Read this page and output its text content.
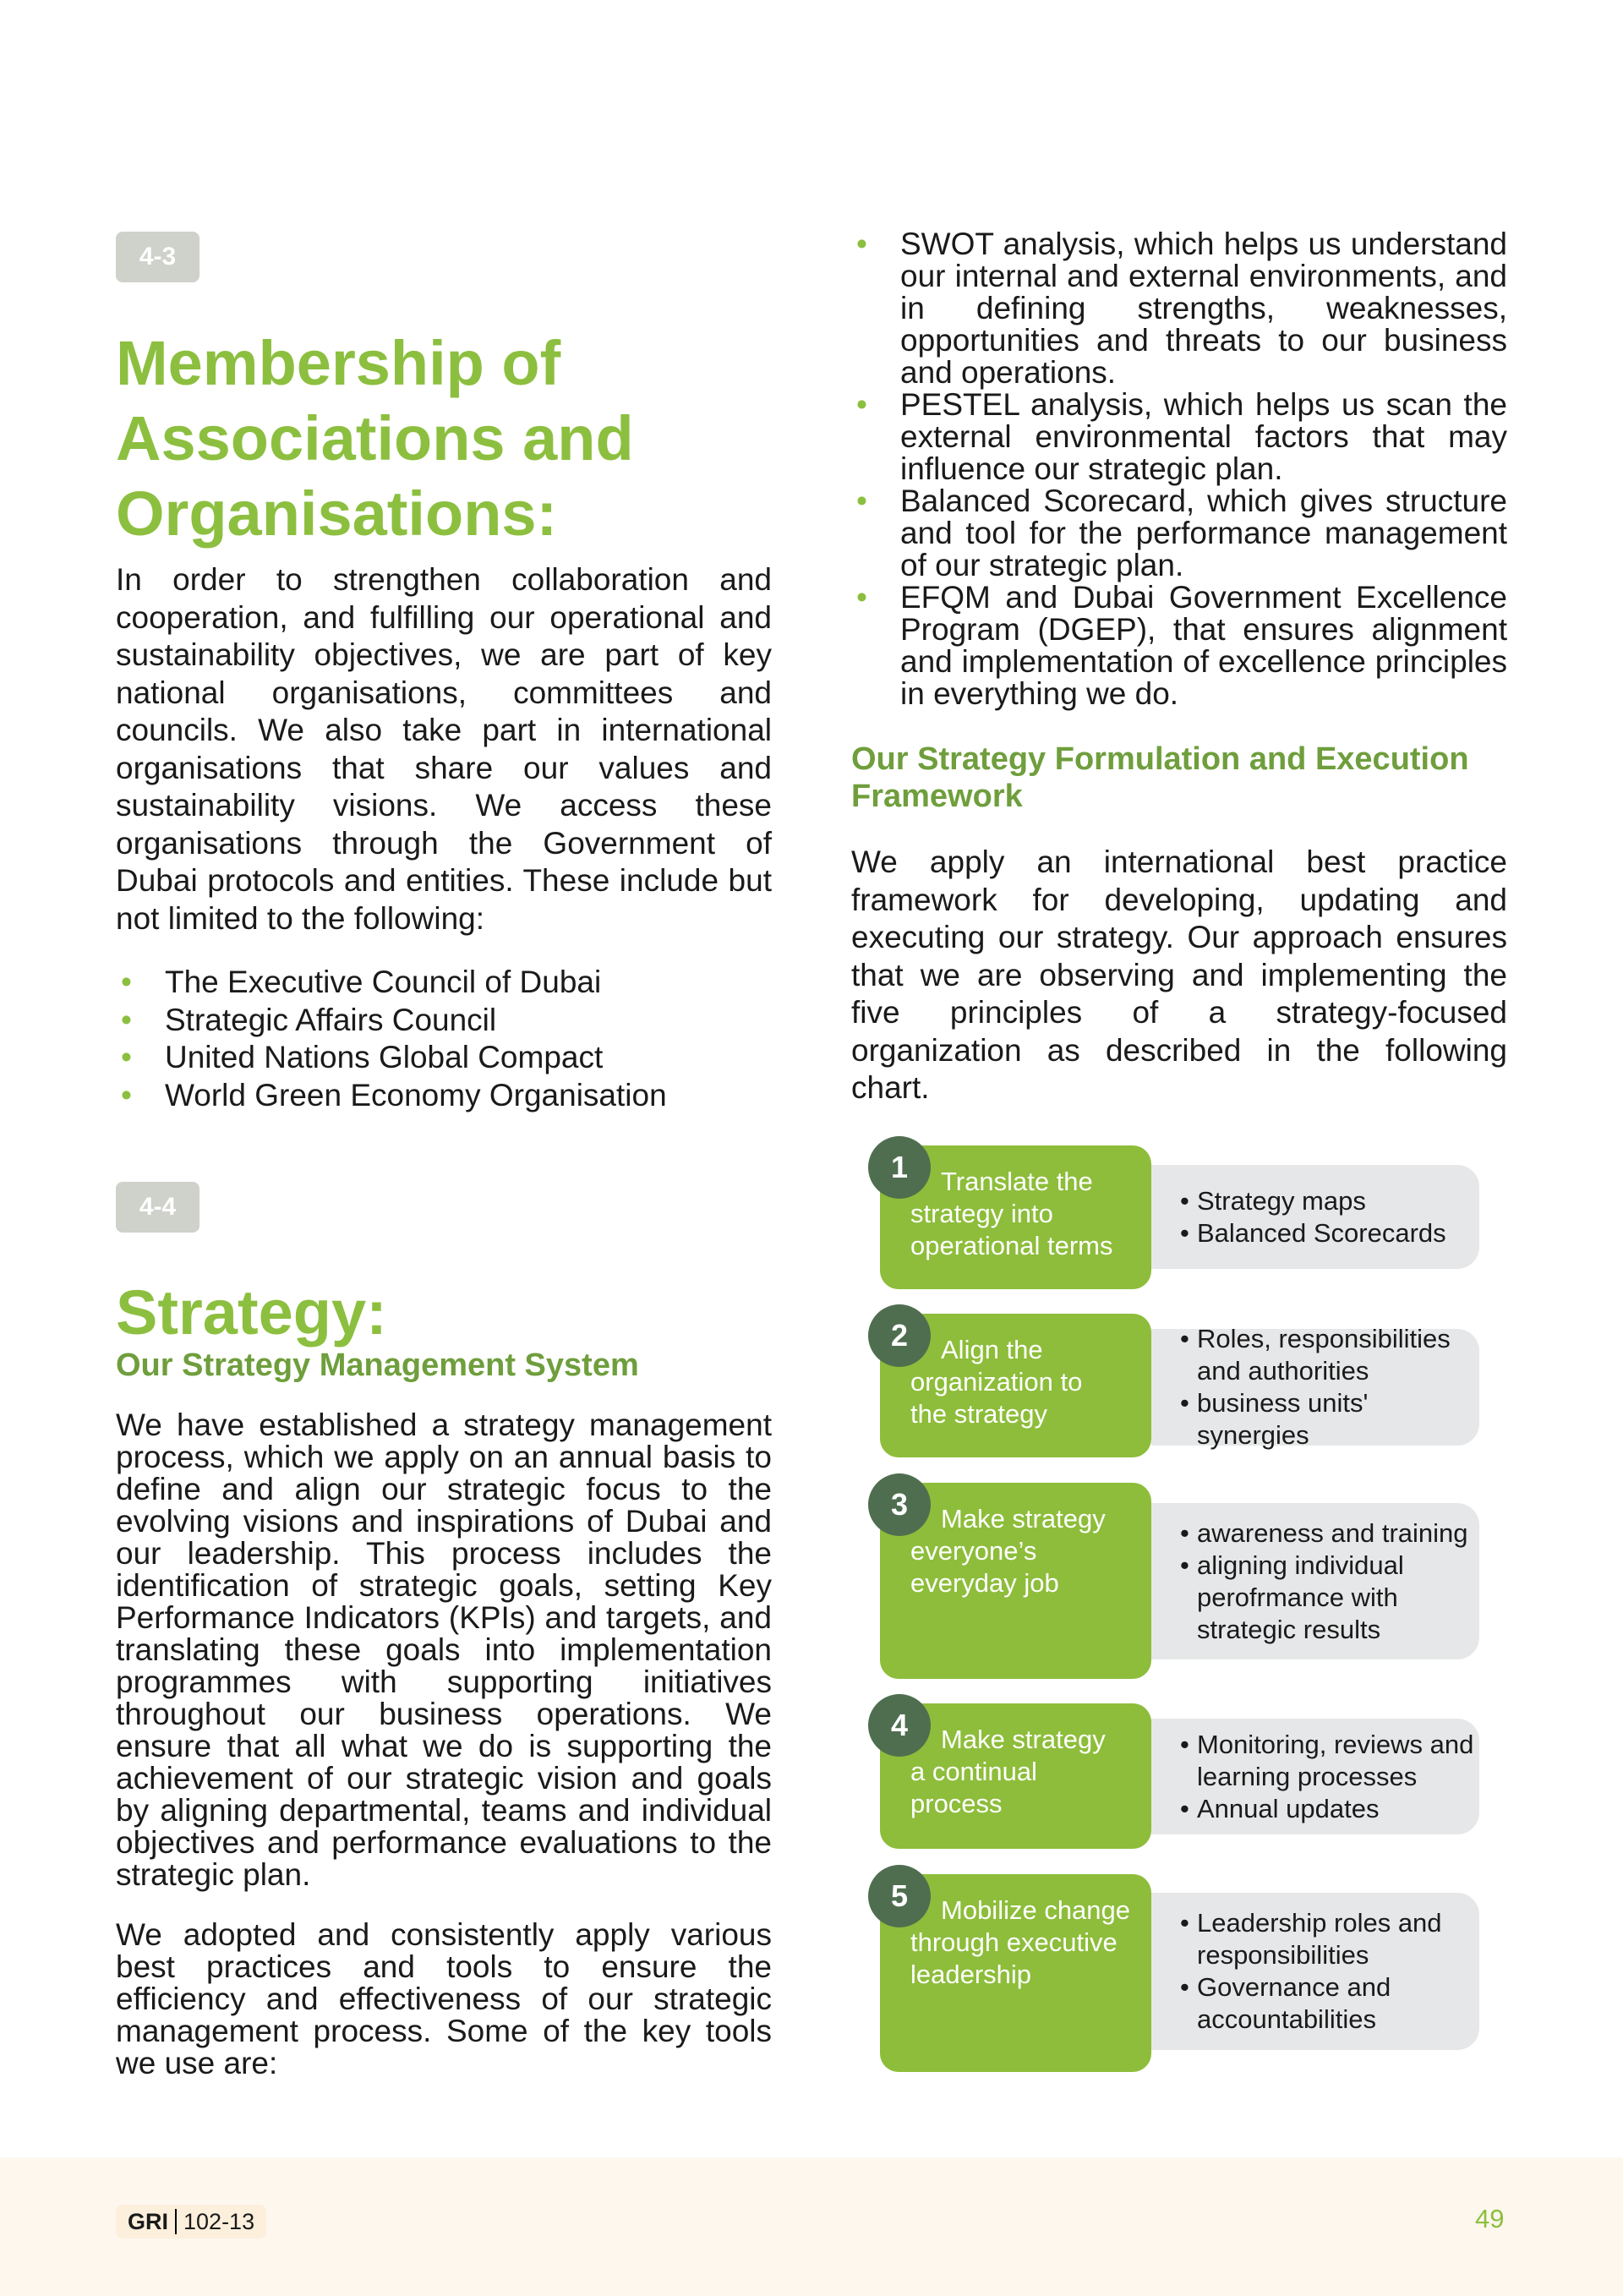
4-3
Membership of
Associations and
Organisations:

In order to strengthen collaboration and cooperation, and fulfilling our operational and sustainability objectives, we are part of key national organisations, committees and councils. We also take part in international organisations that share our values and sustainability visions. We access these organisations through the Government of Dubai protocols and entities. These include but not limited to the following:

• The Executive Council of Dubai
• Strategic Affairs Council
• United Nations Global Compact
• World Green Economy Organisation
4-4
Strategy:
Our Strategy Management System

We have established a strategy management process, which we apply on an annual basis to define and align our strategic focus to the evolving visions and inspirations of Dubai and our leadership. This process includes the identification of strategic goals, setting Key Performance Indicators (KPIs) and targets, and translating these goals into implementation programmes with supporting initiatives throughout our business operations. We ensure that all what we do is supporting the achievement of our strategic vision and goals by aligning departmental, teams and individual objectives and performance evaluations to the strategic plan.

We adopted and consistently apply various best practices and tools to ensure the efficiency and effectiveness of our strategic management process. Some of the key tools we use are:

• SWOT analysis, which helps us understand our internal and external environments, and in defining strengths, weaknesses, opportunities and threats to our business and operations.
• PESTEL analysis, which helps us scan the external environmental factors that may influence our strategic plan.
• Balanced Scorecard, which gives structure and tool for the performance management of our strategic plan.
• EFQM and Dubai Government Excellence Program (DGEP), that ensures alignment and implementation of excellence principles in everything we do.
Our Strategy Formulation and Execution Framework

We apply an international best practice framework for developing, updating and executing our strategy. Our approach ensures that we are observing and implementing the five principles of a strategy-focused organization as described in the following chart.

• Strategy maps
• Balanced Scorecards
Translate the
strategy into
operational terms
1
• Roles, responsibilities and authorities
• business units' synergies
Align the
organization to
the strategy
2
• awareness and training
• aligning individual perofrmance with strategic results
Make strategy
everyone’s
everyday job
3
• Monitoring, reviews and learning processes
• Annual updates
Make strategy
a continual
process
4
• Leadership roles and responsibilities
• Governance and accountabilities
Mobilize change
through executive
leadership
5
GRI 102-13	49
